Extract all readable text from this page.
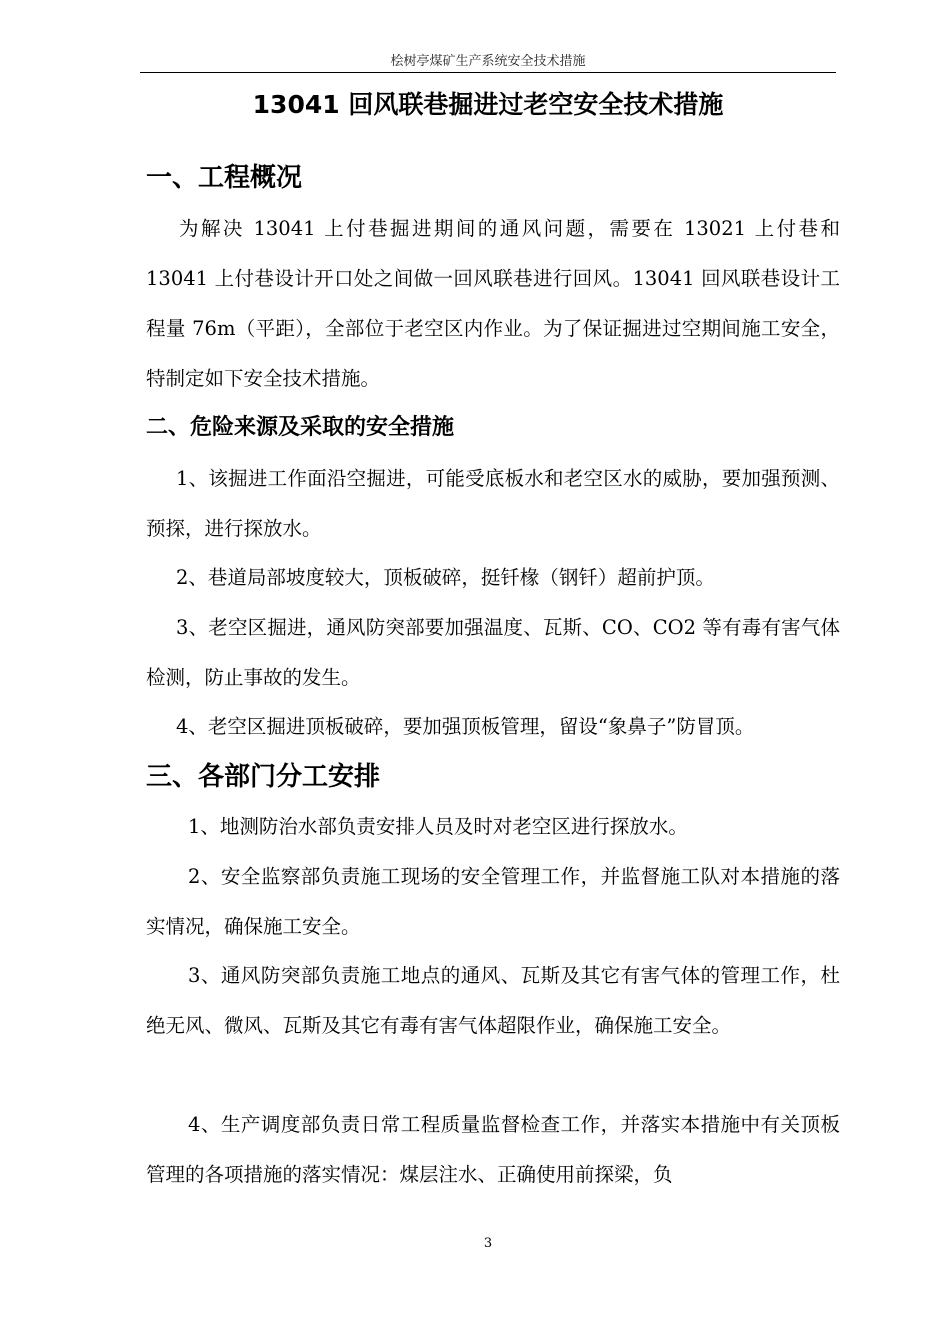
桧树亭煤矿生产系统安全技术措施
13041 回风联巷掘进过老空安全技术措施
一、工程概况

为解决 13041 上付巷掘进期间的通风问题，需要在 13021 上付巷和 13041 上付巷设计开口处之间做一回风联巷进行回风。13041 回风联巷设计工程量 76m（平距），全部位于老空区内作业。为了保证掘进过空期间施工安全，特制定如下安全技术措施。

二、危险来源及采取的安全措施

1、该掘进工作面沿空掘进，可能受底板水和老空区水的威胁，要加强预测、预探，进行探放水。

2、巷道局部坡度较大，顶板破碎，挺钎椽（钢钎）超前护顶。

3、老空区掘进，通风防突部要加强温度、瓦斯、CO、CO2 等有毒有害气体检测，防止事故的发生。

4、老空区掘进顶板破碎，要加强顶板管理，留设“象鼻子”防冒顶。

三、各部门分工安排

1、地测防治水部负责安排人员及时对老空区进行探放水。

2、安全监察部负责施工现场的安全管理工作，并监督施工队对本措施的落实情况，确保施工安全。

3、通风防突部负责施工地点的通风、瓦斯及其它有害气体的管理工作，杜绝无风、微风、瓦斯及其它有毒有害气体超限作业，确保施工安全。

4、生产调度部负责日常工程质量监督检查工作，并落实本措施中有关顶板管理的各项措施的落实情况：煤层注水、正确使用前探梁，负

3
